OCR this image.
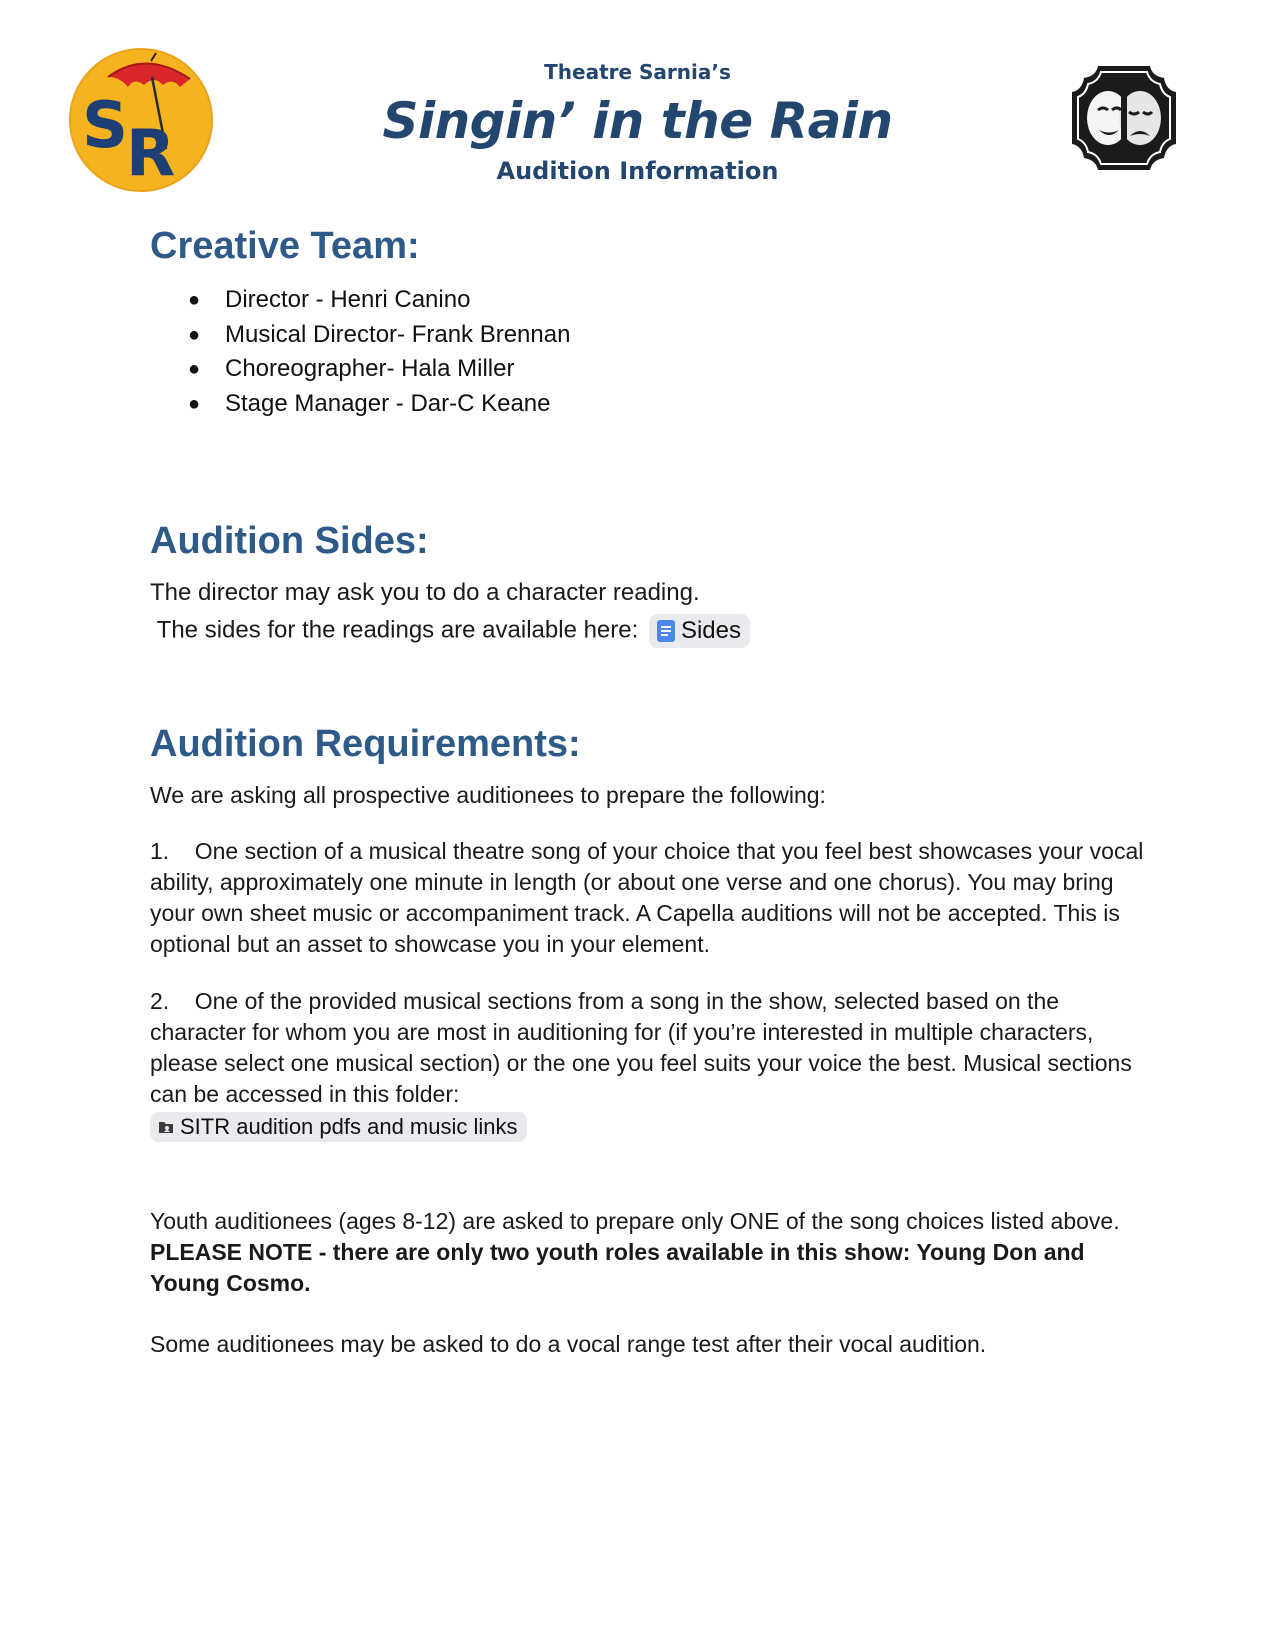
S
R
Theatre Sarnia’s
Singin’ in the Rain
Audition Information
Creative Team:
● Director - Henri Canino
● Musical Director- Frank Brennan
● Choreographer- Hala Miller
● Stage Manager - Dar-C Keane
Audition Sides:
The director may ask you to do a character reading.
The sides for the readings are available here: Sides
Audition Requirements:
We are asking all prospective auditionees to prepare the following:
1.    One section of a musical theatre song of your choice that you feel best showcases your vocal ability, approximately one minute in length (or about one verse and one chorus). You may bring your own sheet music or accompaniment track. A Capella auditions will not be accepted. This is optional but an asset to showcase you in your element.
2.    One of the provided musical sections from a song in the show, selected based on the character for whom you are most in auditioning for (if you’re interested in multiple characters, please select one musical section) or the one you feel suits your voice the best. Musical sections can be accessed in this folder:
SITR audition pdfs and music links
Youth auditionees (ages 8-12) are asked to prepare only ONE of the song choices listed above.
PLEASE NOTE - there are only two youth roles available in this show: Young Don and Young Cosmo.
Some auditionees may be asked to do a vocal range test after their vocal audition.
